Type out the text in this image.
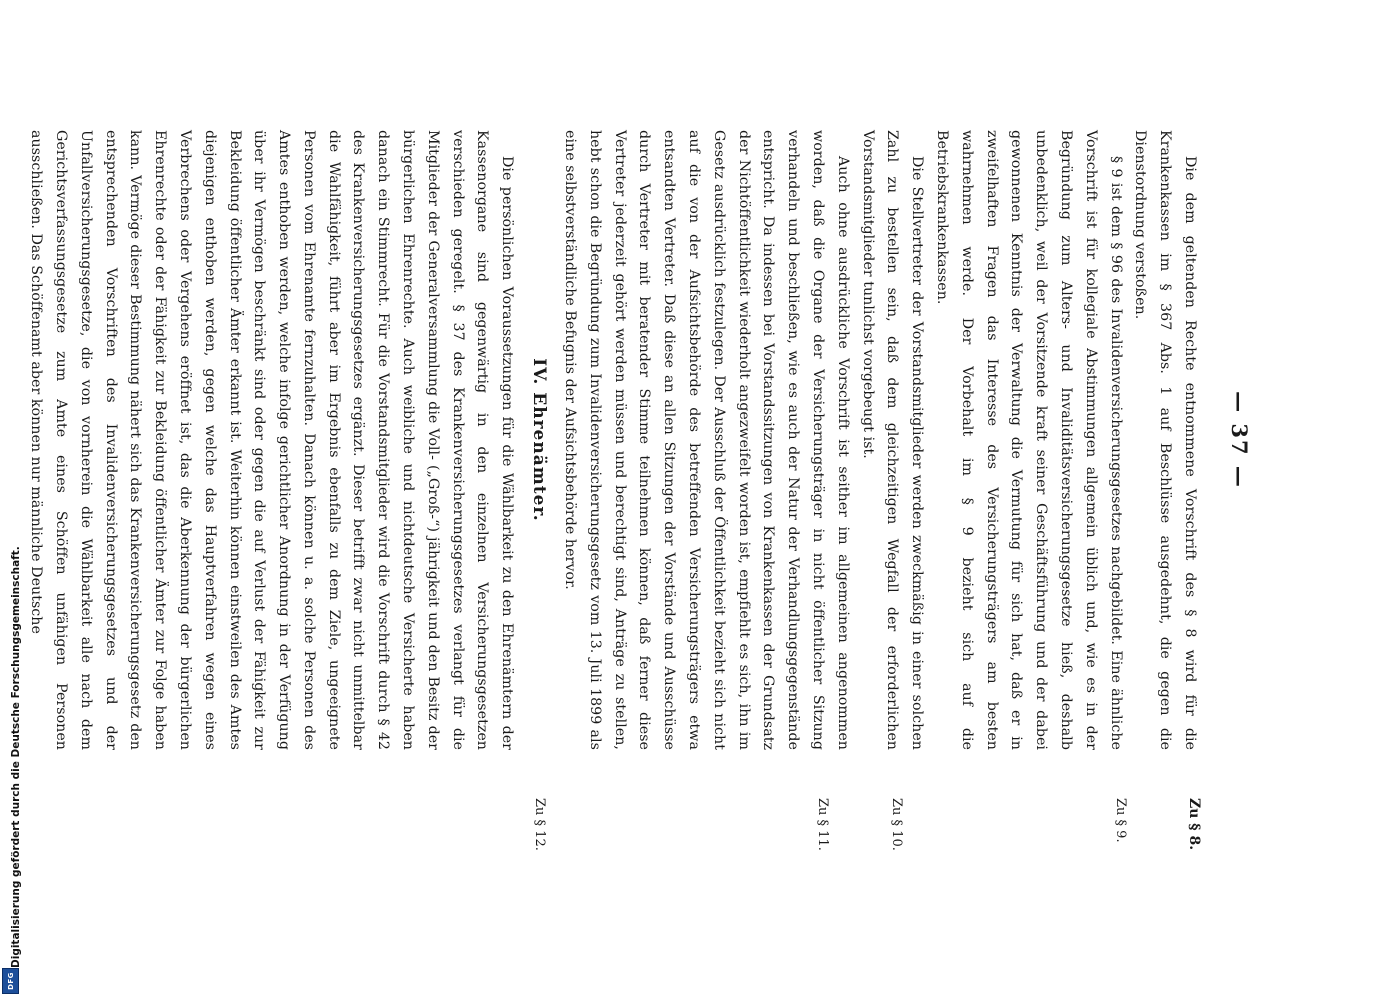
Digitalisierung gefördert durch die Deutsche Forschungsgemeinschaft.
DFG
— 37 —

Die dem geltenden Rechte entnommene Vorschrift des § 8 wird für die Krankenkassen im § 367 Abs. 1 auf Beschlüsse ausgedehnt, die gegen die Dienstordnung verstoßen.

§ 9 ist dem § 96 des Invalidenversicherungsgesetzes nachgebildet. Eine ähnliche Vorschrift ist für kollegiale Abstimmungen allgemein üblich und, wie es in der Begründung zum Alters- und Invaliditätsversicherungsgesetze hieß, deshalb unbedenklich, weil der Vorsitzende kraft seiner Geschäftsführung und der dabei gewonnenen Kenntnis der Verwaltung die Vermutung für sich hat, daß er in zweifelhaften Fragen das Interesse des Versicherungsträgers am besten wahrnehmen werde. Der Vorbehalt im § 9 bezieht sich auf die Betriebskrankenkassen.

Die Stellvertreter der Vorstandsmitglieder werden zweckmäßig in einer solchen Zahl zu bestellen sein, daß dem gleichzeitigen Wegfall der erforderlichen Vorstandsmitglieder tunlichst vorgebeugt ist.

Auch ohne ausdrückliche Vorschrift ist seither im allgemeinen angenommen worden, daß die Organe der Versicherungsträger in nicht öffentlicher Sitzung verhandeln und beschließen, wie es auch der Natur der Verhandlungsgegenstände entspricht. Da indessen bei Vorstandssitzungen von Krankenkassen der Grundsatz der Nichtöffentlichkeit wiederholt angezweifelt worden ist, empfiehlt es sich, ihn im Gesetz ausdrücklich festzulegen. Der Ausschluß der Öffentlichkeit bezieht sich nicht auf die von der Aufsichtsbehörde des betreffenden Versicherungsträgers etwa entsandten Vertreter. Daß diese an allen Sitzungen der Vorstände und Ausschüsse durch Vertreter mit beratender Stimme teilnehmen können, daß ferner diese Vertreter jederzeit gehört werden müssen und berechtigt sind, Anträge zu stellen, hebt schon die Begründung zum Invalidenversicherungsgesetz vom 13. Juli 1899 als eine selbstverständliche Befugnis der Aufsichtsbehörde hervor.

IV. Ehrenämter.

Die persönlichen Voraussetzungen für die Wählbarkeit zu den Ehrenämtern der Kassenorgane sind gegenwärtig in den einzelnen Versicherungsgesetzen verschieden geregelt. § 37 des Krankenversicherungsgesetzes verlangt für die Mitglieder der Generalversammlung die Voll- („Groß-“) jährigkeit und den Besitz der bürgerlichen Ehrenrechte. Auch weibliche und nichtdeutsche Versicherte haben danach ein Stimmrecht. Für die Vorstandsmitglieder wird die Vorschrift durch § 42 des Krankenversicherungsgesetzes ergänzt. Dieser betrifft zwar nicht unmittelbar die Wahlfähigkeit, führt aber im Ergebnis ebenfalls zu dem Ziele, ungeeignete Personen vom Ehrenamte fernzuhalten. Danach können u. a. solche Personen des Amtes enthoben werden, welche infolge gerichtlicher Anordnung in der Verfügung über ihr Vermögen beschränkt sind oder gegen die auf Verlust der Fähigkeit zur Bekleidung öffentlicher Ämter erkannt ist. Weiterhin können einstweilen des Amtes diejenigen enthoben werden, gegen welche das Hauptverfahren wegen eines Verbrechens oder Vergehens eröffnet ist, das die Aberkennung der bürgerlichen Ehrenrechte oder der Fähigkeit zur Bekleidung öffentlicher Ämter zur Folge haben kann. Vermöge dieser Bestimmung nähert sich das Krankenversicherungsgesetz den entsprechenden Vorschriften des Invalidenversicherungsgesetzes und der Unfallversicherungsgesetze, die von vornherein die Wählbarkeit alle nach dem Gerichtsverfassungsgesetze zum Amte eines Schöffen unfähigen Personen ausschließen. Das Schöffenamt aber können nur männliche Deutsche

Zu § 8.
Zu § 9.
Zu § 10.
Zu § 11.
Zu § 12.
